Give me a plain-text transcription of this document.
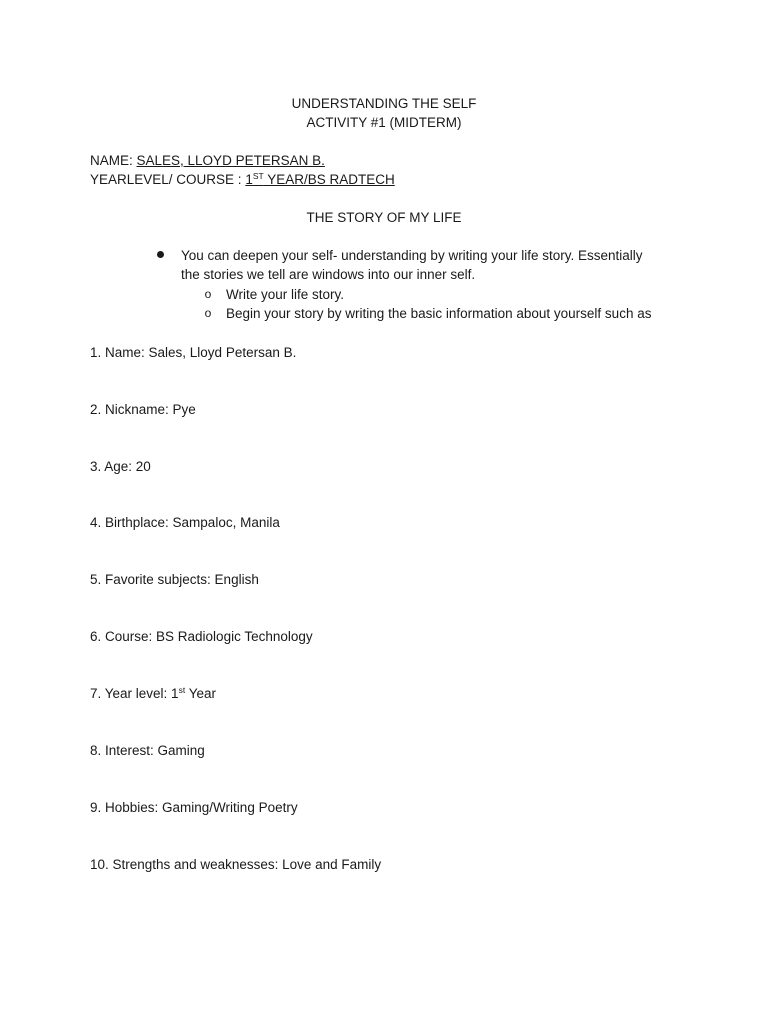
UNDERSTANDING THE SELF
ACTIVITY #1 (MIDTERM)
NAME: SALES, LLOYD PETERSAN B.
YEARLEVEL/ COURSE : 1ST YEAR/BS RADTECH
THE STORY OF MY LIFE
You can deepen your self- understanding by writing your life story. Essentially
the stories we tell are windows into our inner self.
o Write your life story.
o Begin your story by writing the basic information about yourself such as
1. Name: Sales, Lloyd Petersan B.
2. Nickname: Pye
3. Age: 20
4. Birthplace: Sampaloc, Manila
5. Favorite subjects: English
6. Course: BS Radiologic Technology
7. Year level: 1st Year
8. Interest: Gaming
9. Hobbies: Gaming/Writing Poetry
10. Strengths and weaknesses: Love and Family
